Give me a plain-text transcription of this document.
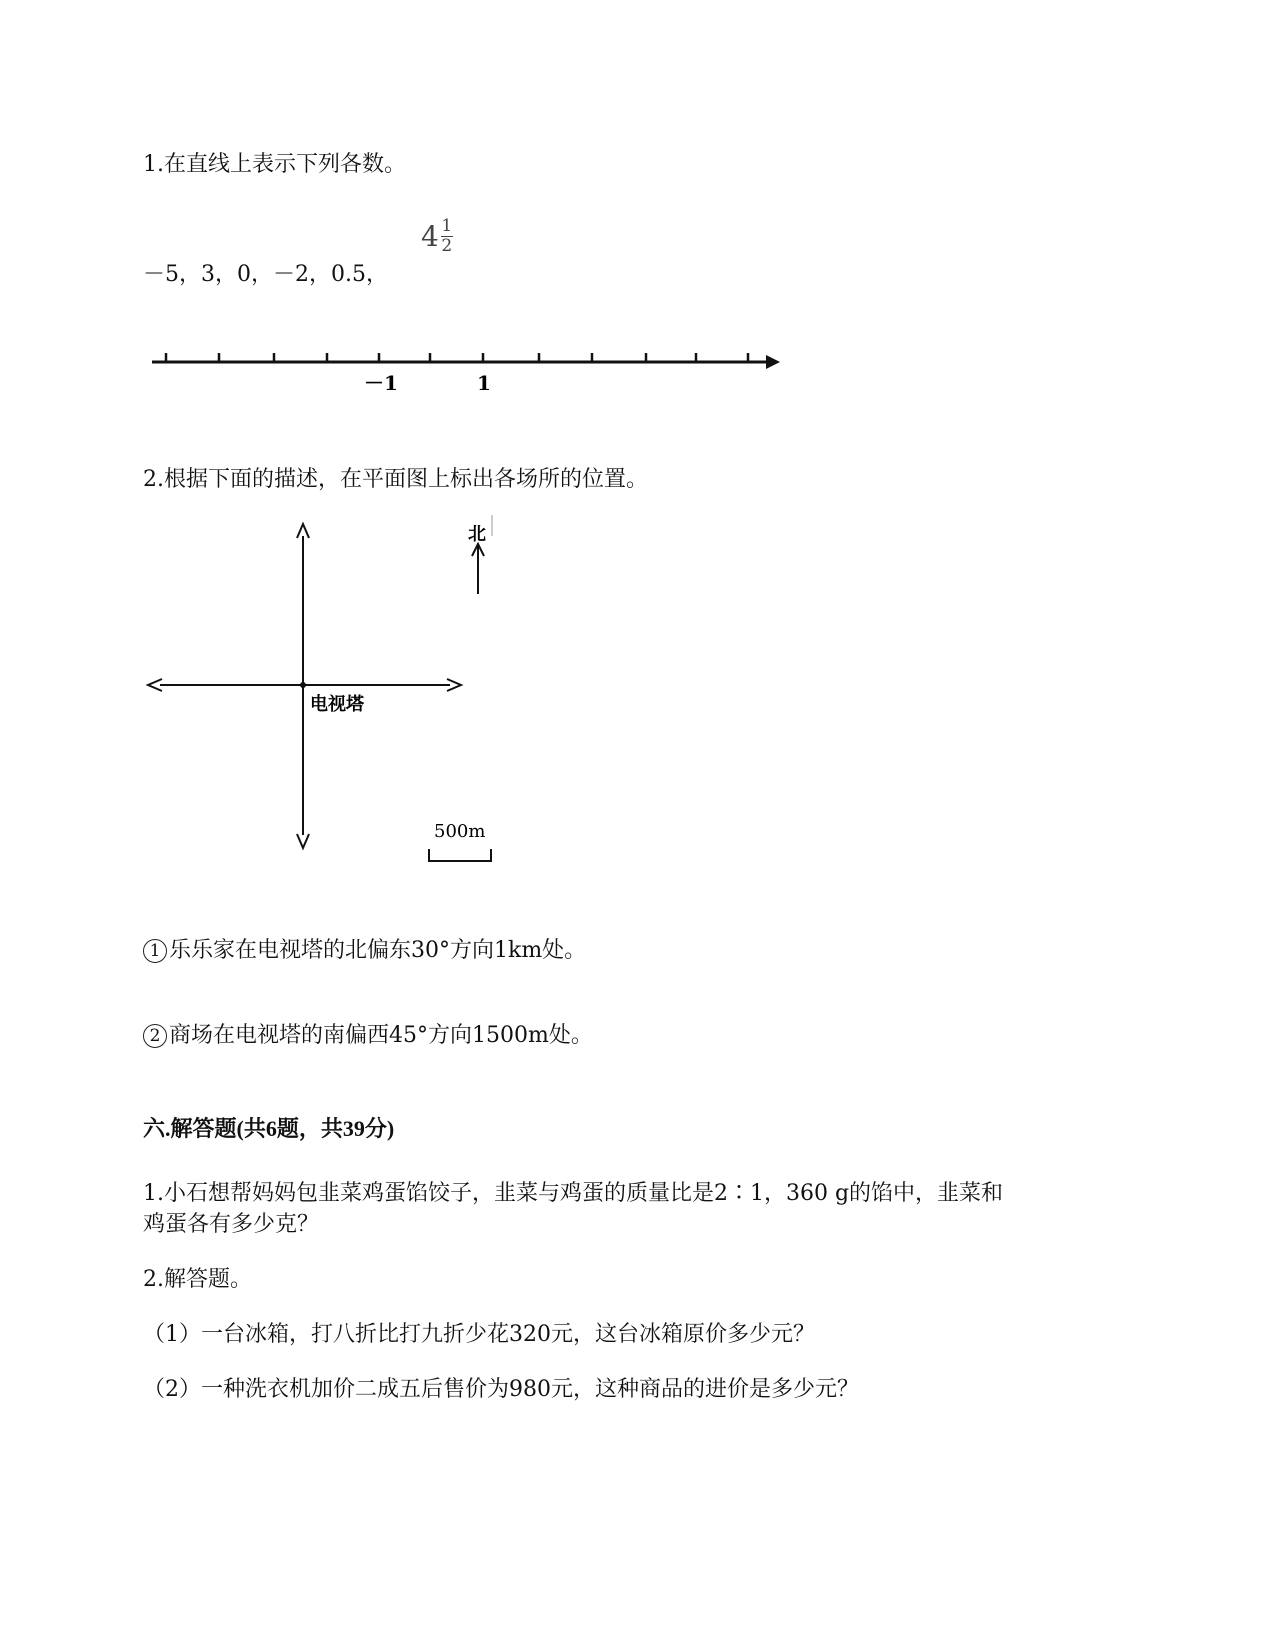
1.在直线上表示下列各数。
－5，3，0，－2，0.5，
4 1
2
－1	1
2.根据下面的描述，在平面图上标出各场所的位置。
电视塔
北
500m
1 乐乐家在电视塔的北偏东30°方向1km处。
2 商场在电视塔的南偏西45°方向1500m处。
六.解答题(共6题，共39分)
1.小石想帮妈妈包韭菜鸡蛋馅饺子，韭菜与鸡蛋的质量比是2∶1，360 g的馅中，韭菜和
鸡蛋各有多少克？
2.解答题。
（1）一台冰箱，打八折比打九折少花320元，这台冰箱原价多少元？
（2）一种洗衣机加价二成五后售价为980元，这种商品的进价是多少元？
